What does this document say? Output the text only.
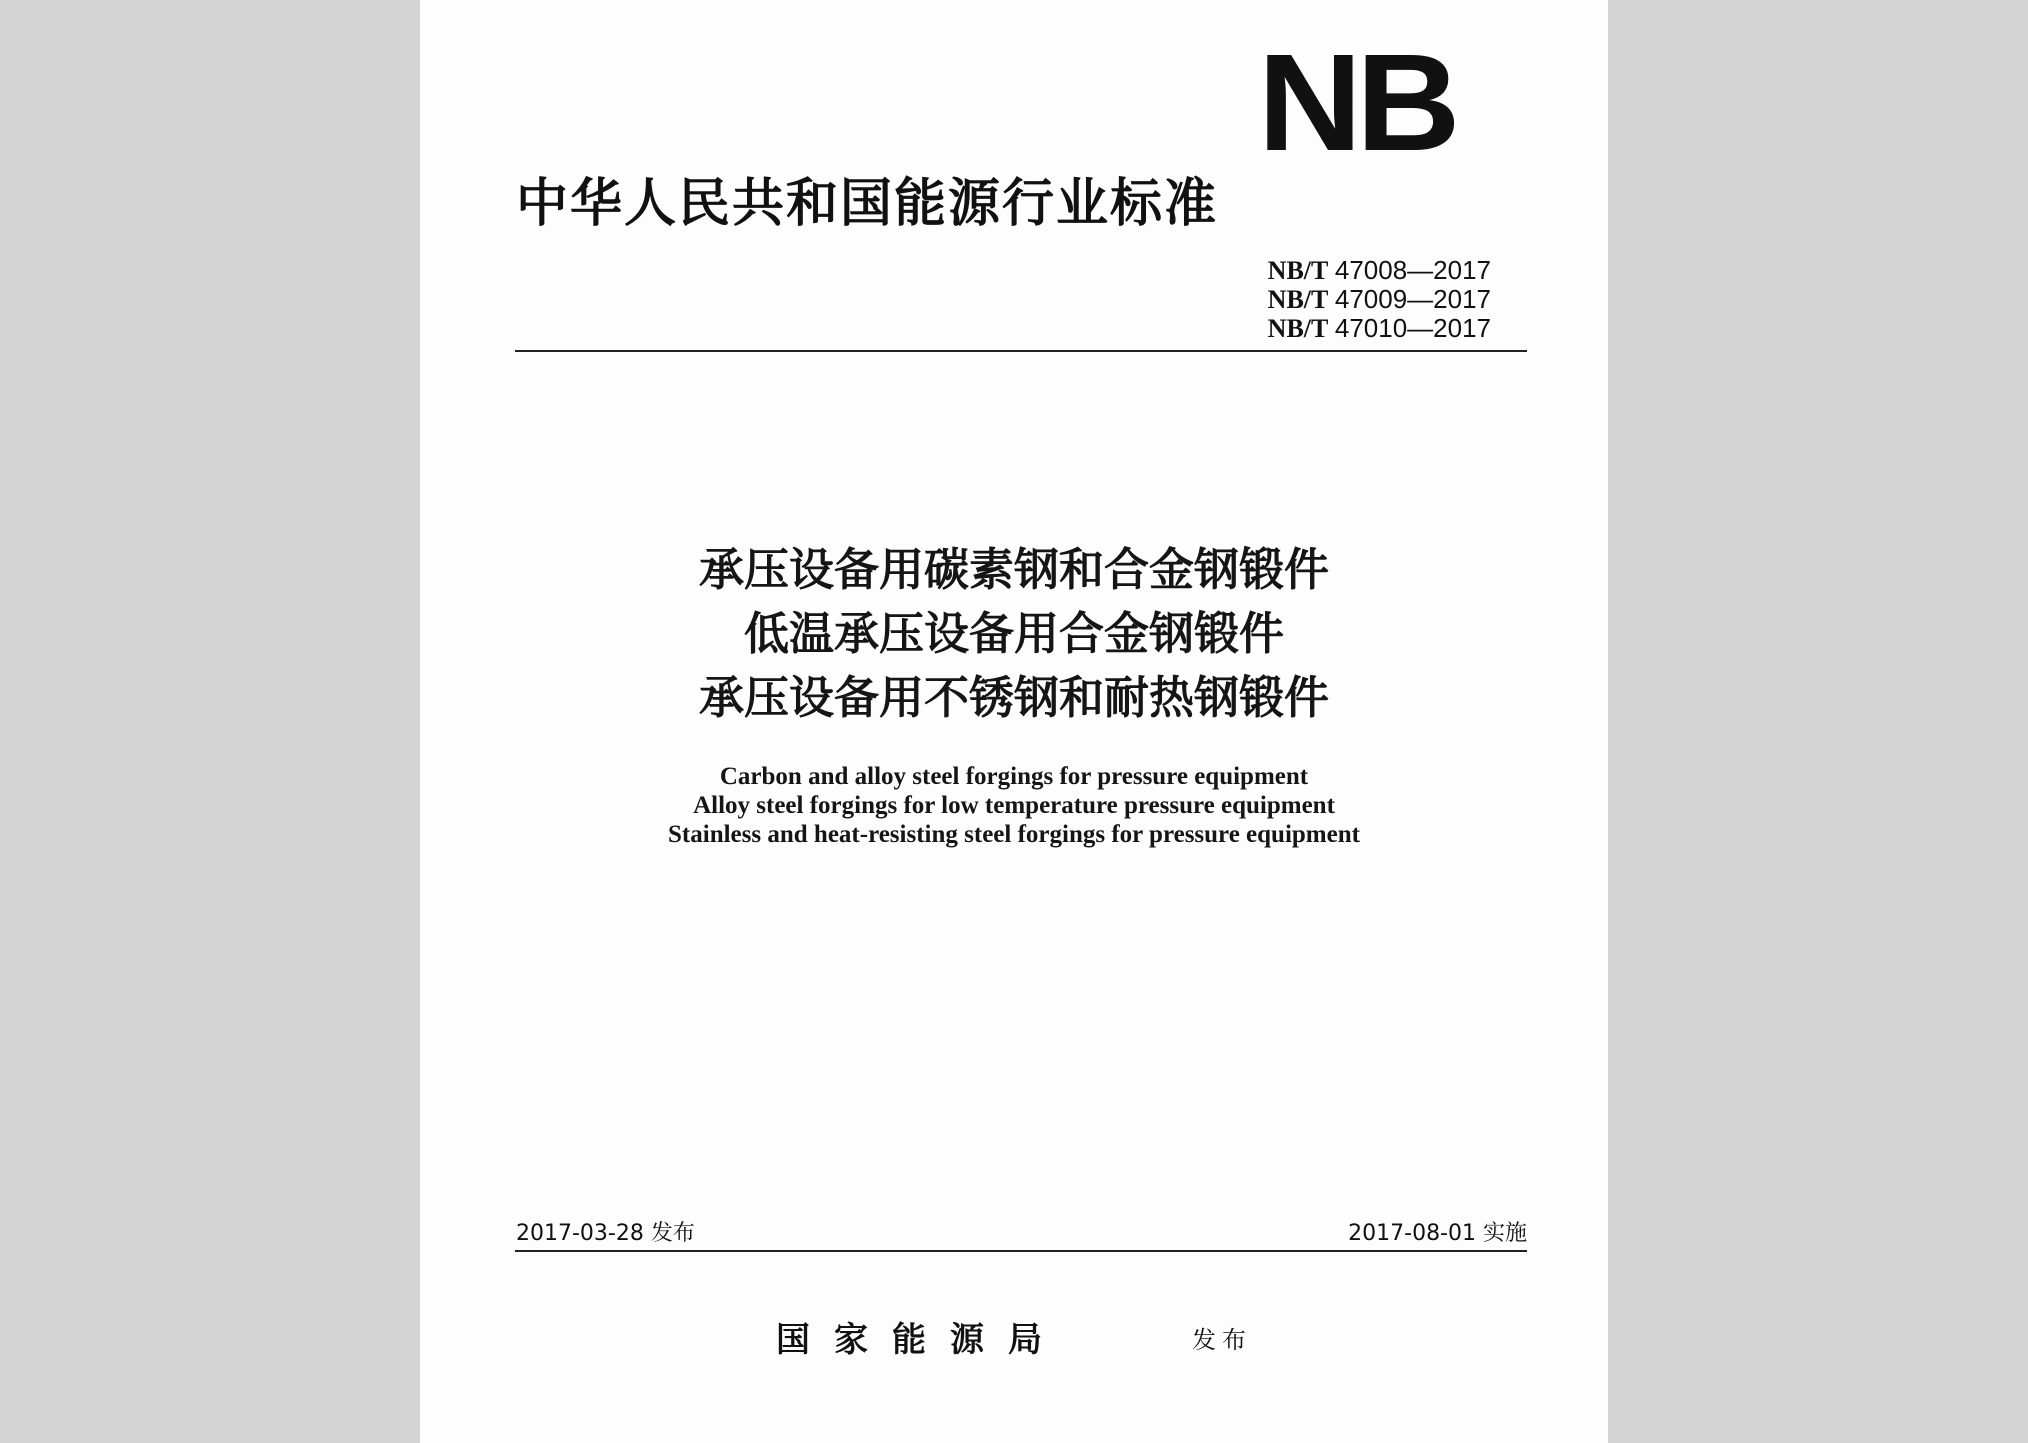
NB
中华人民共和国能源行业标准
NB/T 47008—2017
NB/T 47009—2017
NB/T 47010—2017
承压设备用碳素钢和合金钢锻件
低温承压设备用合金钢锻件
承压设备用不锈钢和耐热钢锻件
Carbon and alloy steel forgings for pressure equipment
Alloy steel forgings for low temperature pressure equipment
Stainless and heat-resisting steel forgings for pressure equipment
2017-03-28 发布	2017-08-01 实施
国家能源局	发布
